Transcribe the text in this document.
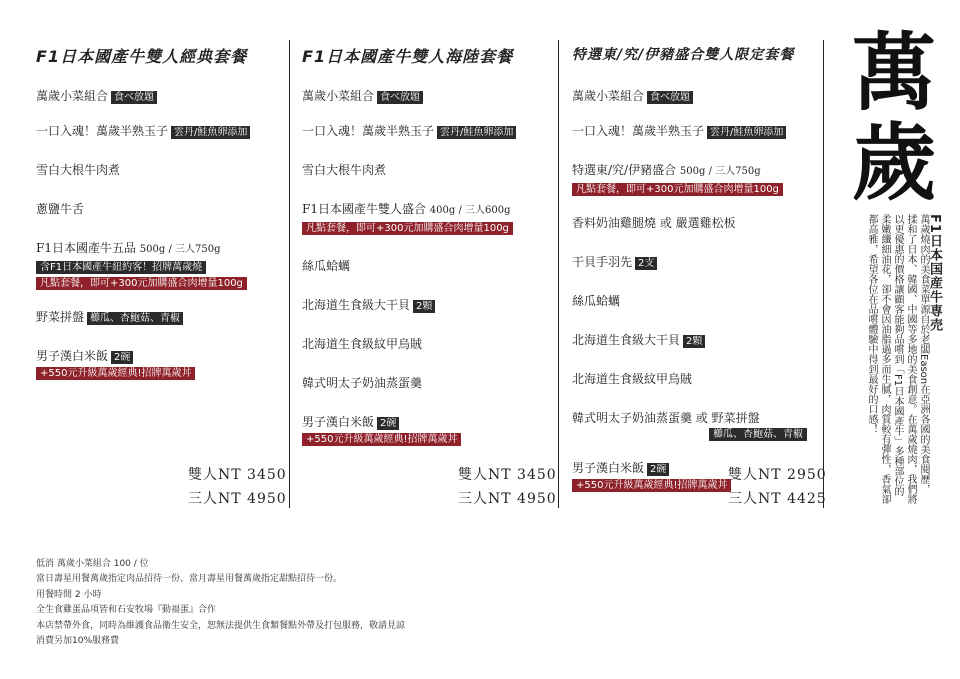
F1日本國產牛雙人經典套餐
萬歲小菜組合 食べ放題
一口入魂！萬歲半熟玉子 雲丹/鮭魚卵添加
雪白大根牛肉煮
蔥鹽牛舌
F1日本國產牛五品 500g / 三人750g
含F1日本國產牛紐約客！招牌萬歲燒
凡點套餐，即可+300元加購盛合肉增量100g
野菜拼盤 櫛瓜、杏鮑菇、青椒
男子漢白米飯 2碗
+550元升級萬歲經典!招牌萬歲丼
雙人NT 3450
三人NT 4950
F1日本國產牛雙人海陸套餐
萬歲小菜組合 食べ放題
一口入魂！萬歲半熟玉子 雲丹/鮭魚卵添加
雪白大根牛肉煮
F1日本國產牛雙人盛合 400g / 三人600g
凡點套餐，即可+300元加購盛合肉增量100g
絲瓜蛤蠣
北海道生食級大干貝 2顆
北海道生食級紋甲烏賊
韓式明太子奶油蒸蛋羹
男子漢白米飯 2碗
+550元升級萬歲經典!招牌萬歲丼
雙人NT 3450
三人NT 4950
特選東/究/伊豬盛合雙人限定套餐
萬歲小菜組合 食べ放題
一口入魂！萬歲半熟玉子 雲丹/鮭魚卵添加
特選東/究/伊豬盛合 500g / 三人750g
凡點套餐，即可+300元加購盛合肉增量100g
香料奶油雞腿燒 或 嚴選雞松板
干貝手羽先 2支
絲瓜蛤蠣
北海道生食級大干貝 2顆
北海道生食級紋甲烏賊
韓式明太子奶油蒸蛋羹 或 野菜拼盤
櫛瓜、杏鮑菇、青椒
男子漢白米飯 2碗
+550元升級萬歲經典!招牌萬歲丼
雙人NT 2950
三人NT 4425
萬
歲
F1日本国産牛専売
萬歲燒肉的美食菜單源自於老闆Eason在亞洲各國的美食閱歷，揉和了日本、韓國、中國等多地的美食創意。在萬歲燒肉，我們將以更優惠的價格讓顧客能夠品嚐到「F1日本國產牛」多種部位的柔嫩纖細油花，卻不會因油脂過多而生膩，肉質較有彈性，香氣卻都高雅，希望各位在品嚐體驗中得到最好的口感！
低消 萬歲小菜組合 100 / 位
當日壽星用餐萬歲指定肉品招待一份、當月壽星用餐萬歲指定甜點招待一份。
用餐時間 2 小時
全生食雞蛋品項皆和石安牧場『動福蛋』合作
本店禁帶外食，同時為維護食品衛生安全，恕無法提供生食類餐點外帶及打包服務，敬請見諒
消費另加10%服務費
